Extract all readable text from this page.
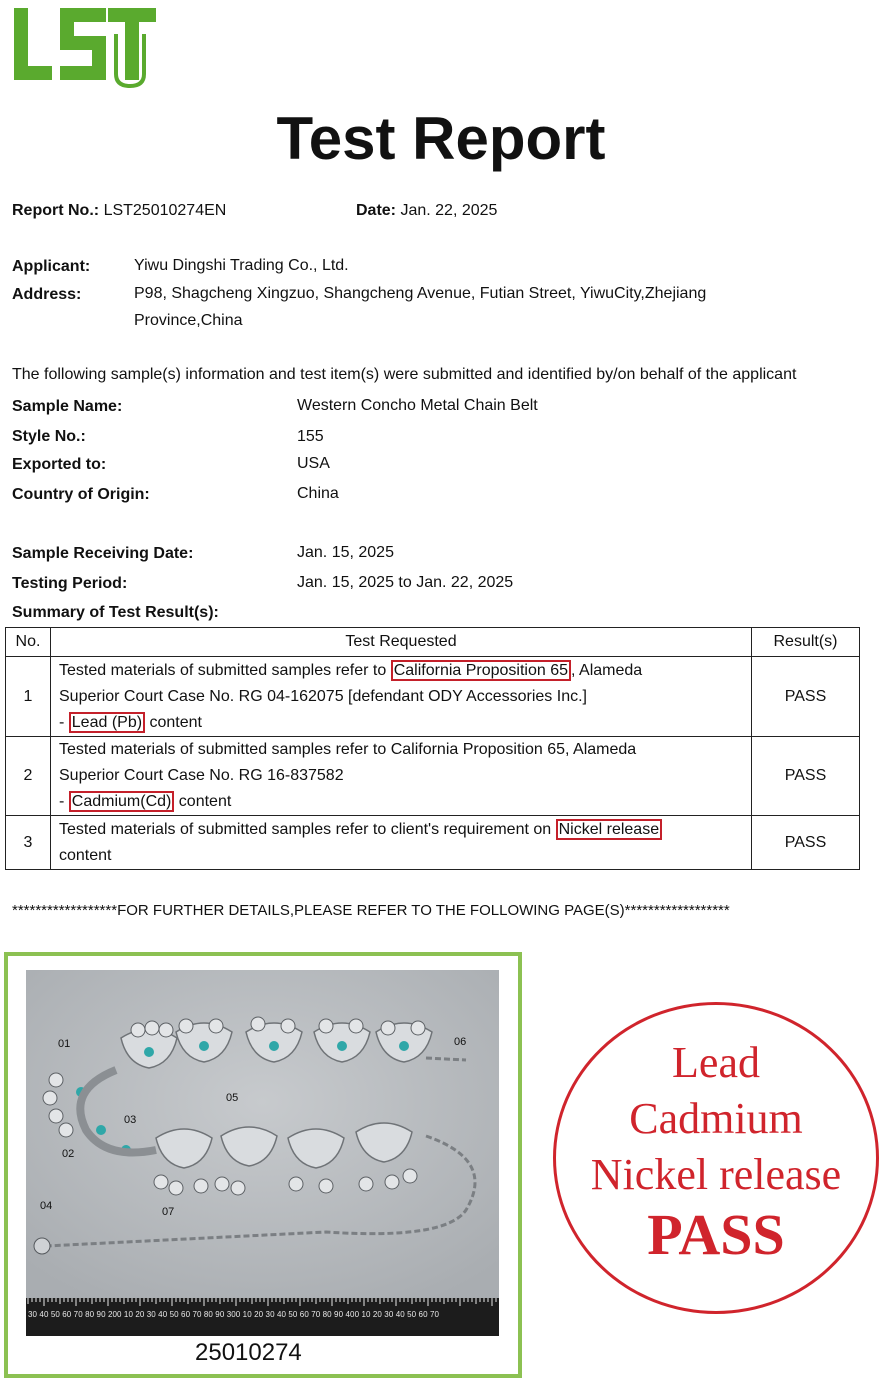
Test Report
Report No.: LST25010274EN	Date: Jan. 22, 2025
Applicant:	Yiwu Dingshi Trading Co., Ltd.
Address:	P98, Shagcheng Xingzuo, Shangcheng Avenue, Futian Street, YiwuCity,Zhejiang
Province,China
The following sample(s) information and test item(s) were submitted and identified by/on behalf of the applicant
Sample Name:	Western Concho Metal Chain Belt
Style No.:	155
Exported to:	USA
Country of Origin:	China
Sample Receiving Date:	Jan. 15, 2025
Testing Period:	Jan. 15, 2025 to Jan. 22, 2025
Summary of Test Result(s):
No.	Test Requested	Result(s)
1	Tested materials of submitted samples refer to California Proposition 65 , Alameda
Superior Court Case No. RG 04-162075 [defendant ODY Accessories Inc.]
- Lead (Pb) content	PASS
2	Tested materials of submitted samples refer to California Proposition 65, Alameda
Superior Court Case No. RG 16-837582
- Cadmium(Cd) content	PASS
3	Tested materials of submitted samples refer to client's requirement on Nickel release
content	PASS
******************FOR FURTHER DETAILS,PLEASE REFER TO THE FOLLOWING PAGE(S)******************
01
02
03
04
05
06
07
30 40 50 60 70 80 90 200 10 20 30 40 50 60 70 80 90 300 10 20 30 40 50 60 70 80 90 400 10 20 30 40 50 60 70
25010274
Lead
Cadmium
Nickel release
PASS
